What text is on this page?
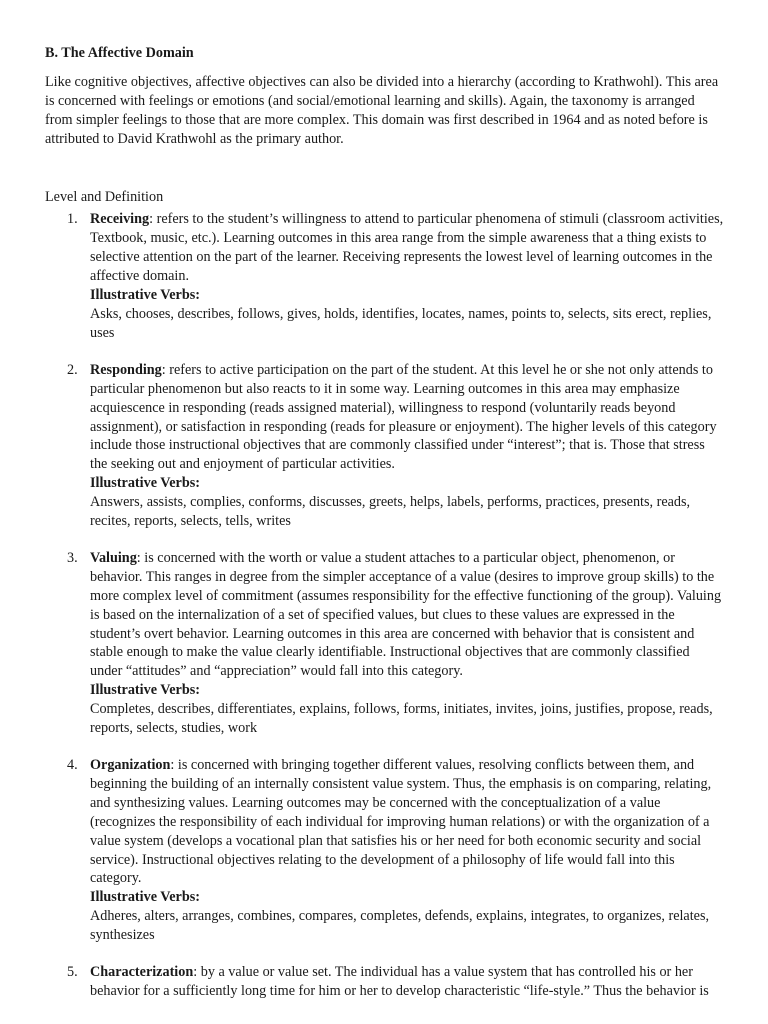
B. The Affective Domain

Like cognitive objectives, affective objectives can also be divided into a hierarchy (according to Krathwohl). This area is concerned with feelings or emotions (and social/emotional learning and skills). Again, the taxonomy is arranged from simpler feelings to those that are more complex. This domain was first described in 1964 and as noted before is attributed to David Krathwohl as the primary author.

Level and Definition

1. Receiving: refers to the student’s willingness to attend to particular phenomena of stimuli (classroom activities, Textbook, music, etc.). Learning outcomes in this area range from the simple awareness that a thing exists to selective attention on the part of the learner. Receiving represents the lowest level of learning outcomes in the affective domain.
Illustrative Verbs:
Asks, chooses, describes, follows, gives, holds, identifies, locates, names, points to, selects, sits erect, replies, uses
2. Responding: refers to active participation on the part of the student. At this level he or she not only attends to particular phenomenon but also reacts to it in some way. Learning outcomes in this area may emphasize acquiescence in responding (reads assigned material), willingness to respond (voluntarily reads beyond assignment), or satisfaction in responding (reads for pleasure or enjoyment). The higher levels of this category include those instructional objectives that are commonly classified under “interest”; that is. Those that stress the seeking out and enjoyment of particular activities.
Illustrative Verbs:
Answers, assists, complies, conforms, discusses, greets, helps, labels, performs, practices, presents, reads, recites, reports, selects, tells, writes
3. Valuing: is concerned with the worth or value a student attaches to a particular object, phenomenon, or behavior. This ranges in degree from the simpler acceptance of a value (desires to improve group skills) to the more complex level of commitment (assumes responsibility for the effective functioning of the group). Valuing is based on the internalization of a set of specified values, but clues to these values are expressed in the student’s overt behavior. Learning outcomes in this area are concerned with behavior that is consistent and stable enough to make the value clearly identifiable. Instructional objectives that are commonly classified under “attitudes” and “appreciation” would fall into this category.
Illustrative Verbs:
Completes, describes, differentiates, explains, follows, forms, initiates, invites, joins, justifies, propose, reads, reports, selects, studies, work
4. Organization: is concerned with bringing together different values, resolving conflicts between them, and beginning the building of an internally consistent value system. Thus, the emphasis is on comparing, relating, and synthesizing values. Learning outcomes may be concerned with the conceptualization of a value (recognizes the responsibility of each individual for improving human relations) or with the organization of a value system (develops a vocational plan that satisfies his or her need for both economic security and social service). Instructional objectives relating to the development of a philosophy of life would fall into this category.
Illustrative Verbs:
Adheres, alters, arranges, combines, compares, completes, defends, explains, integrates, to organizes, relates, synthesizes
5. Characterization: by a value or value set. The individual has a value system that has controlled his or her behavior for a sufficiently long time for him or her to develop characteristic “life-style.” Thus the behavior is
